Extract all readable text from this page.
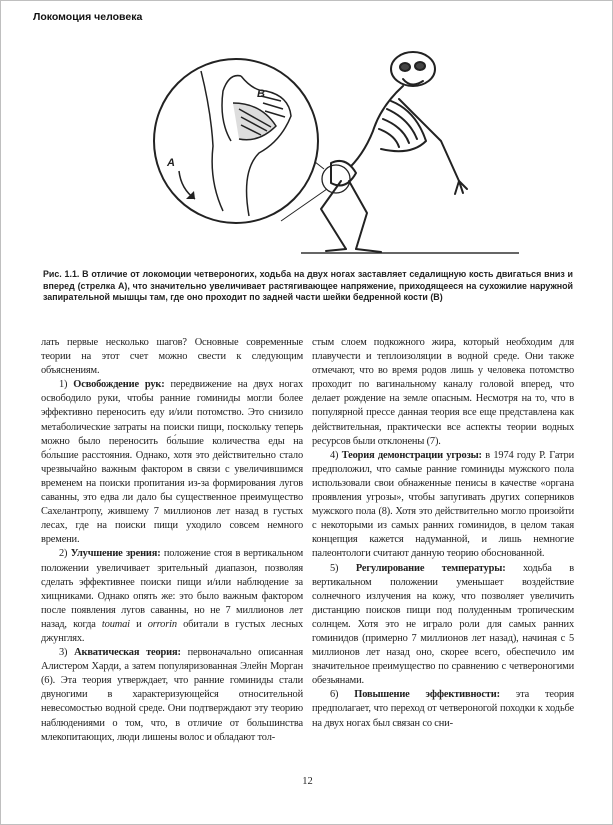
Локомоция человека
A
B

Рис. 1.1. В отличие от локомоции четвероногих, ходьба на двух ногах заставляет седалищную кость двигаться вниз и вперед (стрелка А), что значительно увеличивает растягивающее напряжение, приходящееся на сухожилие наружной запирательной мышцы там, где оно проходит по задней части шейки бедренной кости (В)

лать первые несколько шагов? Основные современные теории на этот счет можно свести к следующим объяснениям.

1) Освобождение рук: передвижение на двух ногах освободило руки, чтобы ранние гоминиды могли более эффективно переносить еду и/или потомство. Это снизило метаболические затраты на поиски пищи, поскольку теперь можно было переносить бо́льшие количества еды на бо́льшие расстояния. Однако, хотя это действительно стало чрезвычайно важным фактором в связи с увеличившимся временем на поиски пропитания из-за формирования лугов саванны, это едва ли дало бы существенное преимущество Сахелантропу, жившему 7 миллионов лет назад в густых лесах, где на поиски пищи уходило совсем немного времени.

2) Улучшение зрения: положение стоя в вертикальном положении увеличивает зрительный диапазон, позволяя сделать эффективнее поиски пищи и/или наблюдение за хищниками. Однако опять же: это было важным фактором после появления лугов саванны, но не 7 миллионов лет назад, когда toumai и orrorin обитали в густых лесных джунглях.

3) Акватическая теория: первоначально описанная Алистером Харди, а затем популяризованная Элейн Морган (6). Эта теория утверждает, что ранние гоминиды стали двуногими в характеризующейся относительной невесомостью водной среде. Они подтверждают эту теорию наблюдениями о том, что, в отличие от большинства млекопитающих, люди лишены волос и обладают тол-

стым слоем подкожного жира, который необходим для плавучести и теплоизоляции в водной среде. Они также отмечают, что во время родов лишь у человека потомство проходит по вагинальному каналу головой вперед, что делает рождение на земле опасным. Несмотря на то, что в популярной прессе данная теория все еще представлена как действительная, практически все аспекты теории водных ресурсов были отклонены (7).

4) Теория демонстрации угрозы: в 1974 году Р. Гатри предположил, что самые ранние гоминиды мужского пола использовали свои обнаженные пенисы в качестве «органа проявления угрозы», чтобы запугивать других соперников мужского пола (8). Хотя это действительно могло произойти с некоторыми из самых ранних гоминидов, в целом такая концепция кажется надуманной, и лишь немногие палеонтологи считают данную теорию обоснованной.

5) Регулирование температуры: ходьба в вертикальном положении уменьшает воздействие солнечного излучения на кожу, что позволяет увеличить дистанцию поисков пищи под полуденным тропическим солнцем. Хотя это не играло роли для самых ранних гоминидов (примерно 7 миллионов лет назад), начиная с 5 миллионов лет назад оно, скорее всего, обеспечило им значительное преимущество по сравнению с четвероногими обезьянами.

6) Повышение эффективности: эта теория предполагает, что переход от четвероногой походки к ходьбе на двух ногах был связан со сни-

12
